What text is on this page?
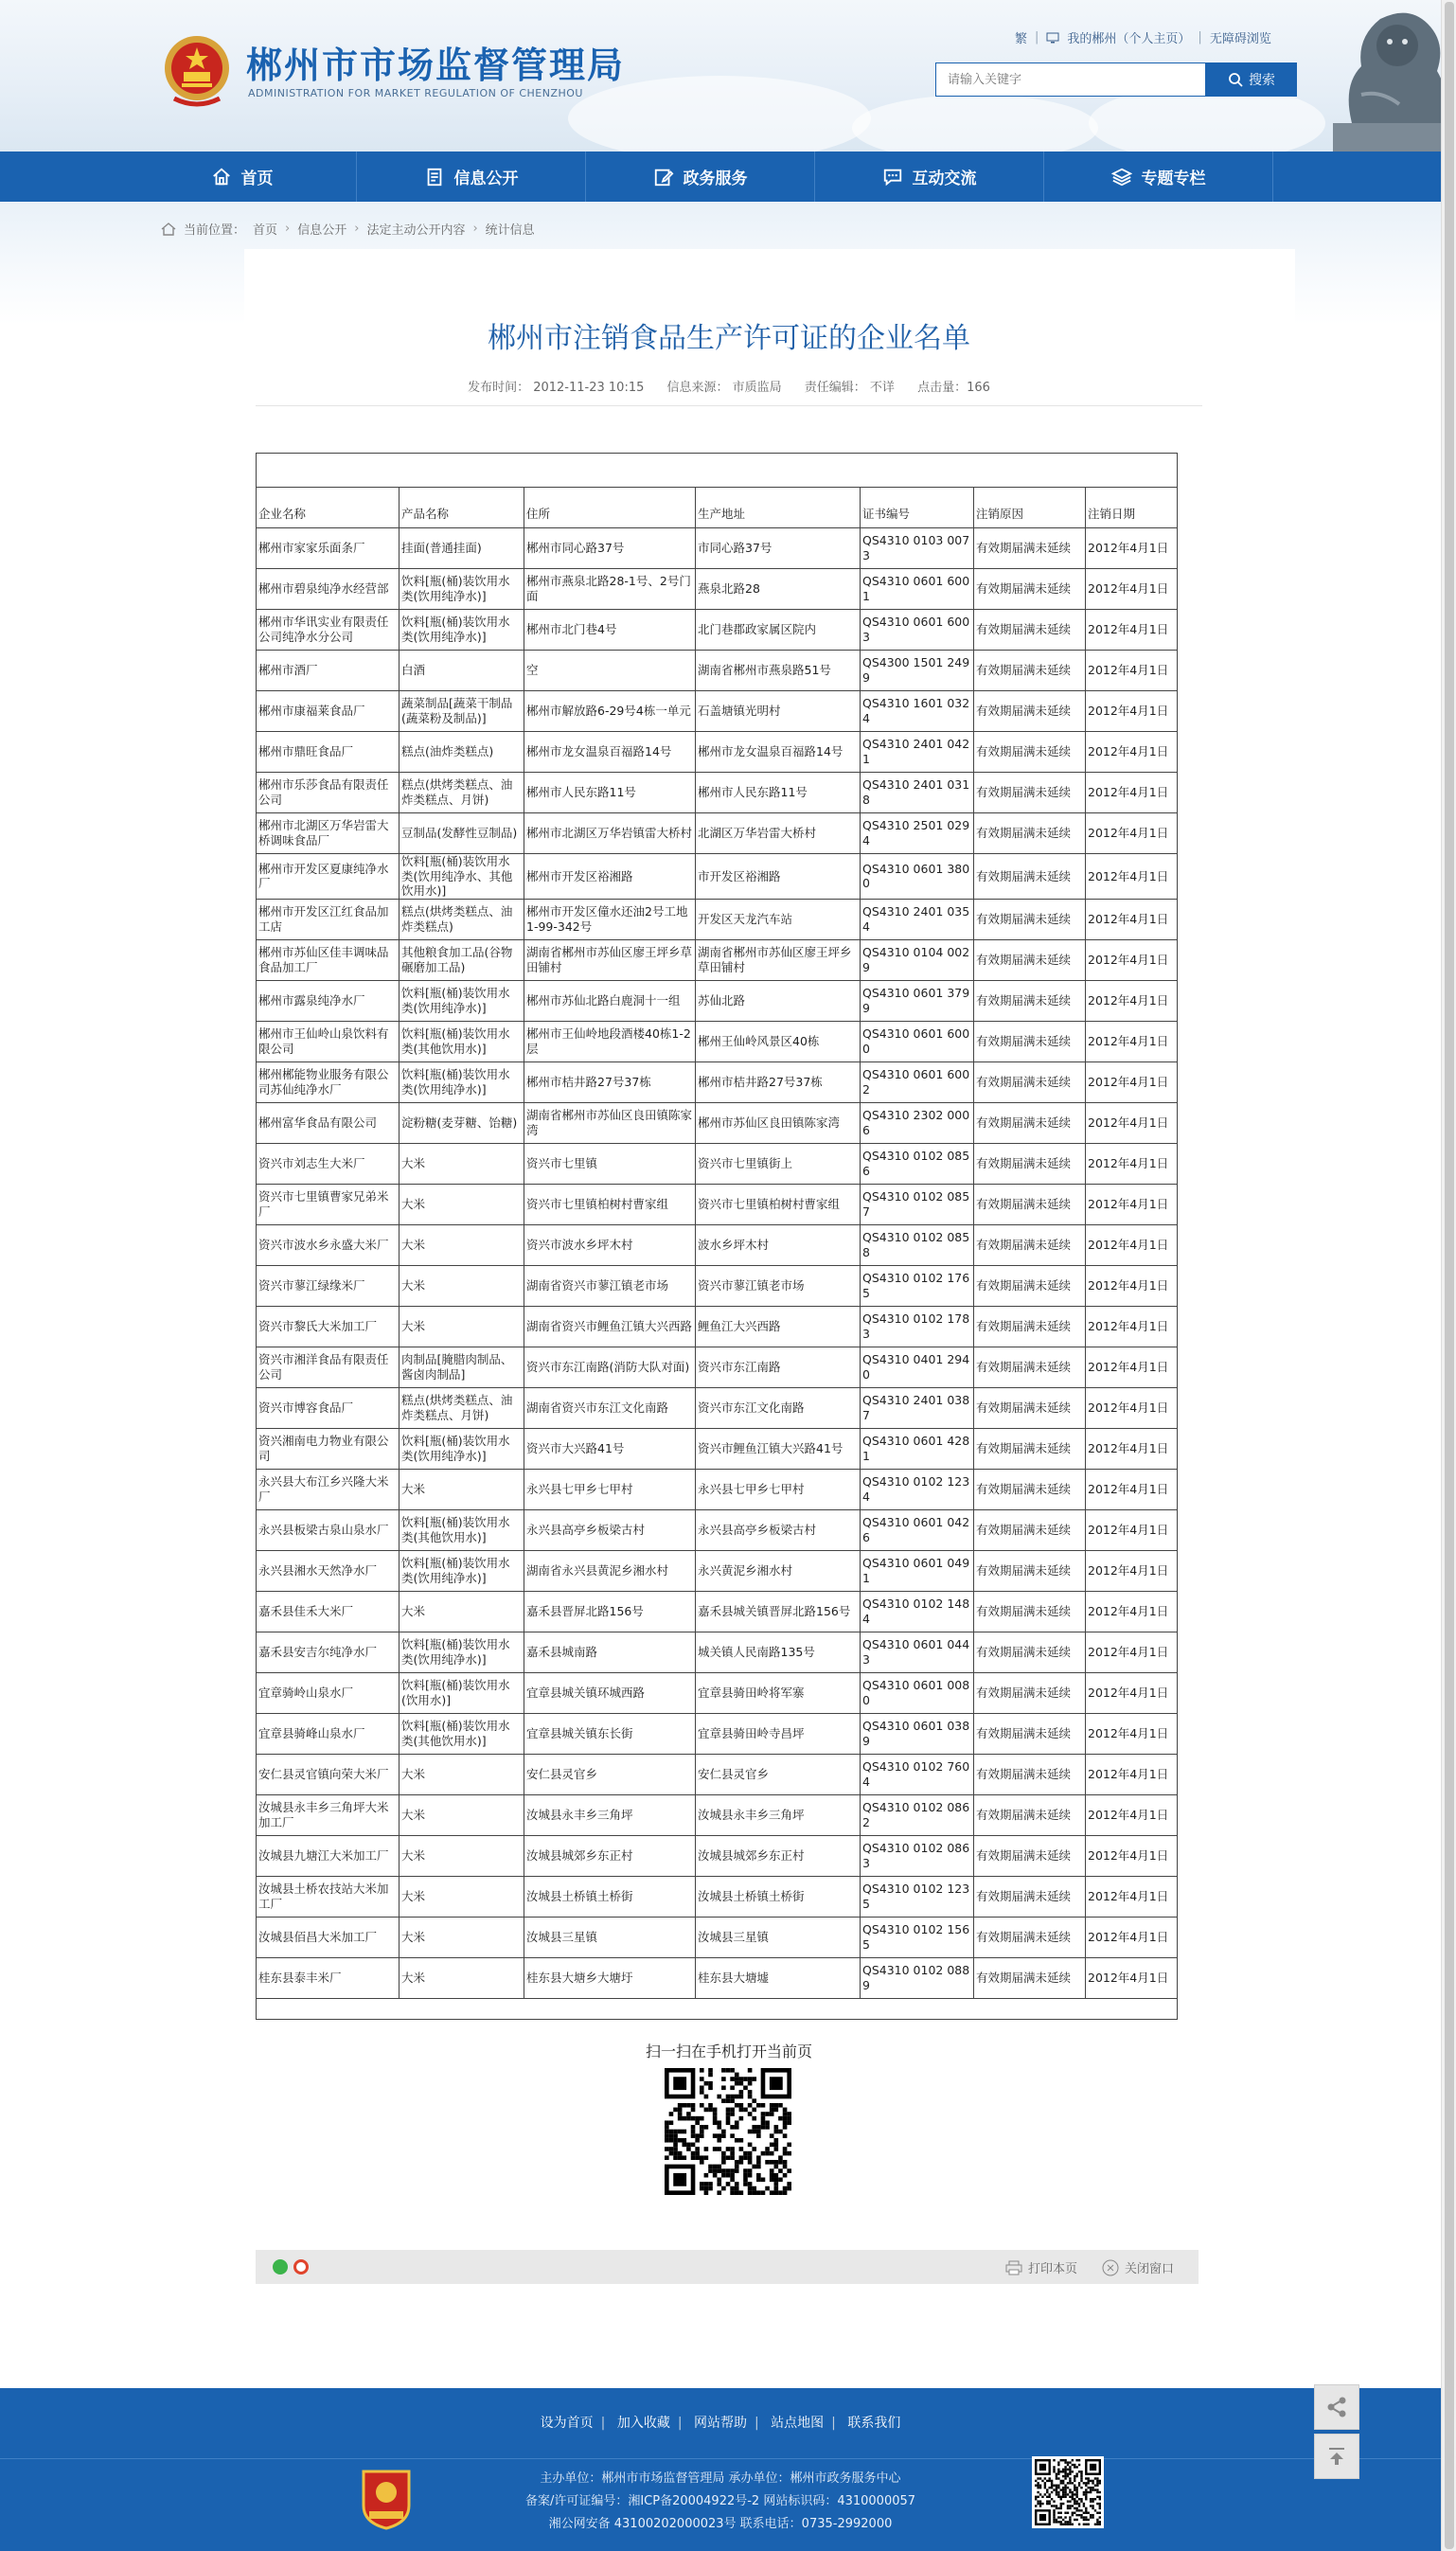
郴州市市场监督管理局
ADMINISTRATION FOR MARKET REGULATION OF CHENZHOU
繁 | 我的郴州（个人主页） | 无障碍浏览
请输入关键字
搜索
首页	信息公开	政务服务	互动交流	专题专栏
当前位置： 首页 › 信息公开 › 法定主动公开内容 › 统计信息
郴州市注销食品生产许可证的企业名单
发布时间： 2012-11-23 10:15 信息来源： 市质监局 责任编辑： 不详 点击量：166

企业名称	产品名称	住所	生产地址	证书编号	注销原因	注销日期
郴州市家家乐面条厂	挂面(普通挂面)	郴州市同心路37号	市同心路37号	QS4310 0103 0073	有效期届满未延续	2012年4月1日
郴州市碧泉纯净水经营部	饮料[瓶(桶)装饮用水类(饮用纯净水)]	郴州市燕泉北路28-1号、2号门面	燕泉北路28	QS4310 0601 6001	有效期届满未延续	2012年4月1日
郴州市华讯实业有限责任公司纯净水分公司	饮料[瓶(桶)装饮用水类(饮用纯净水)]	郴州市北门巷4号	北门巷郡政家属区院内	QS4310 0601 6003	有效期届满未延续	2012年4月1日
郴州市酒厂	白酒	空	湖南省郴州市燕泉路51号	QS4300 1501 2499	有效期届满未延续	2012年4月1日
郴州市康福莱食品厂	蔬菜制品[蔬菜干制品(蔬菜粉及制品)]	郴州市解放路6-29号4栋一单元	石盖塘镇光明村	QS4310 1601 0324	有效期届满未延续	2012年4月1日
郴州市鼎旺食品厂	糕点(油炸类糕点)	郴州市龙女温泉百福路14号	郴州市龙女温泉百福路14号	QS4310 2401 0421	有效期届满未延续	2012年4月1日
郴州市乐莎食品有限责任公司	糕点(烘烤类糕点、油炸类糕点、月饼)	郴州市人民东路11号	郴州市人民东路11号	QS4310 2401 0318	有效期届满未延续	2012年4月1日
郴州市北湖区万华岩雷大桥调味食品厂	豆制品(发酵性豆制品)	郴州市北湖区万华岩镇雷大桥村	北湖区万华岩雷大桥村	QS4310 2501 0294	有效期届满未延续	2012年4月1日
郴州市开发区夏康纯净水厂	饮料[瓶(桶)装饮用水类(饮用纯净水、其他饮用水)]	郴州市开发区裕湘路	市开发区裕湘路	QS4310 0601 3800	有效期届满未延续	2012年4月1日
郴州市开发区江红食品加工店	糕点(烘烤类糕点、油炸类糕点)	郴州市开发区僮水还油2号工地1-99-342号	开发区天龙汽车站	QS4310 2401 0354	有效期届满未延续	2012年4月1日
郴州市苏仙区佳丰调味品食品加工厂	其他粮食加工品(谷物碾磨加工品)	湖南省郴州市苏仙区廖王坪乡草田铺村	湖南省郴州市苏仙区廖王坪乡草田铺村	QS4310 0104 0029	有效期届满未延续	2012年4月1日
郴州市露泉纯净水厂	饮料[瓶(桶)装饮用水类(饮用纯净水)]	郴州市苏仙北路白鹿洞十一组	苏仙北路	QS4310 0601 3799	有效期届满未延续	2012年4月1日
郴州市王仙岭山泉饮料有限公司	饮料[瓶(桶)装饮用水类(其他饮用水)]	郴州市王仙岭地段酒楼40栋1-2层	郴州王仙岭风景区40栋	QS4310 0601 6000	有效期届满未延续	2012年4月1日
郴州郴能物业服务有限公司苏仙纯净水厂	饮料[瓶(桶)装饮用水类(饮用纯净水)]	郴州市桔井路27号37栋	郴州市桔井路27号37栋	QS4310 0601 6002	有效期届满未延续	2012年4月1日
郴州富华食品有限公司	淀粉糖(麦芽糖、饴糖)	湖南省郴州市苏仙区良田镇陈家湾	郴州市苏仙区良田镇陈家湾	QS4310 2302 0006	有效期届满未延续	2012年4月1日
资兴市刘志生大米厂	大米	资兴市七里镇	资兴市七里镇街上	QS4310 0102 0856	有效期届满未延续	2012年4月1日
资兴市七里镇曹家兄弟米厂	大米	资兴市七里镇柏树村曹家组	资兴市七里镇柏树村曹家组	QS4310 0102 0857	有效期届满未延续	2012年4月1日
资兴市波水乡永盛大米厂	大米	资兴市波水乡坪木村	波水乡坪木村	QS4310 0102 0858	有效期届满未延续	2012年4月1日
资兴市蓼江绿缘米厂	大米	湖南省资兴市蓼江镇老市场	资兴市蓼江镇老市场	QS4310 0102 1765	有效期届满未延续	2012年4月1日
资兴市黎氏大米加工厂	大米	湖南省资兴市鲤鱼江镇大兴西路	鲤鱼江大兴西路	QS4310 0102 1783	有效期届满未延续	2012年4月1日
资兴市湘洋食品有限责任公司	肉制品[腌腊肉制品、酱卤肉制品]	资兴市东江南路(消防大队对面)	资兴市东江南路	QS4310 0401 2940	有效期届满未延续	2012年4月1日
资兴市博容食品厂	糕点(烘烤类糕点、油炸类糕点、月饼)	湖南省资兴市东江文化南路	资兴市东江文化南路	QS4310 2401 0387	有效期届满未延续	2012年4月1日
资兴湘南电力物业有限公司	饮料[瓶(桶)装饮用水类(饮用纯净水)]	资兴市大兴路41号	资兴市鲤鱼江镇大兴路41号	QS4310 0601 4281	有效期届满未延续	2012年4月1日
永兴县大布江乡兴隆大米厂	大米	永兴县七甲乡七甲村	永兴县七甲乡七甲村	QS4310 0102 1234	有效期届满未延续	2012年4月1日
永兴县板梁古泉山泉水厂	饮料[瓶(桶)装饮用水类(其他饮用水)]	永兴县高亭乡板梁古村	永兴县高亭乡板梁古村	QS4310 0601 0426	有效期届满未延续	2012年4月1日
永兴县湘水天然净水厂	饮料[瓶(桶)装饮用水类(饮用纯净水)]	湖南省永兴县黄泥乡湘水村	永兴黄泥乡湘水村	QS4310 0601 0491	有效期届满未延续	2012年4月1日
嘉禾县佳禾大米厂	大米	嘉禾县晋屏北路156号	嘉禾县城关镇晋屏北路156号	QS4310 0102 1484	有效期届满未延续	2012年4月1日
嘉禾县安吉尔纯净水厂	饮料[瓶(桶)装饮用水类(饮用纯净水)]	嘉禾县城南路	城关镇人民南路135号	QS4310 0601 0443	有效期届满未延续	2012年4月1日
宜章骑岭山泉水厂	饮料[瓶(桶)装饮用水(饮用水)]	宜章县城关镇环城西路	宜章县骑田岭将军寨	QS4310 0601 0080	有效期届满未延续	2012年4月1日
宜章县骑峰山泉水厂	饮料[瓶(桶)装饮用水类(其他饮用水)]	宜章县城关镇东长街	宜章县骑田岭寺昌坪	QS4310 0601 0389	有效期届满未延续	2012年4月1日
安仁县灵官镇向荣大米厂	大米	安仁县灵官乡	安仁县灵官乡	QS4310 0102 7604	有效期届满未延续	2012年4月1日
汝城县永丰乡三角坪大米加工厂	大米	汝城县永丰乡三角坪	汝城县永丰乡三角坪	QS4310 0102 0862	有效期届满未延续	2012年4月1日
汝城县九塘江大米加工厂	大米	汝城县城郊乡东正村	汝城县城郊乡东正村	QS4310 0102 0863	有效期届满未延续	2012年4月1日
汝城县土桥农技站大米加工厂	大米	汝城县土桥镇土桥街	汝城县土桥镇土桥街	QS4310 0102 1235	有效期届满未延续	2012年4月1日
汝城县佰昌大米加工厂	大米	汝城县三星镇	汝城县三星镇	QS4310 0102 1565	有效期届满未延续	2012年4月1日
桂东县泰丰米厂	大米	桂东县大塘乡大塘圩	桂东县大塘墟	QS4310 0102 0889	有效期届满未延续	2012年4月1日

扫一扫在手机打开当前页
打印本页	关闭窗口
设为首页 | 加入收藏 | 网站帮助 | 站点地图 | 联系我们
主办单位：郴州市市场监督管理局 承办单位：郴州市政务服务中心
备案/许可证编号：湘ICP备20004922号-2 网站标识码：4310000057
湘公网安备 43100202000023号 联系电话：0735-2992000
